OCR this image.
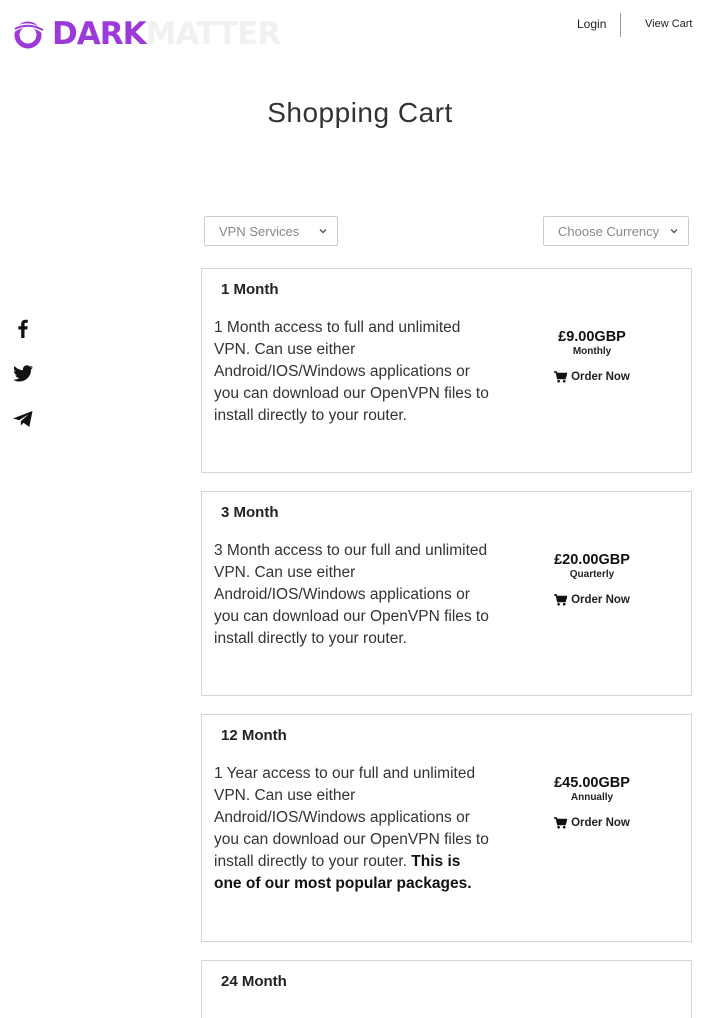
DARK MATTER	Login	View Cart
Shopping Cart
VPN Services	Choose Currency
1 Month
1 Month access to full and unlimited VPN. Can use either Android/IOS/Windows applications or you can download our OpenVPN files to install directly to your router.
£9.00GBP
Monthly
Order Now
3 Month
3 Month access to our full and unlimited VPN. Can use either Android/IOS/Windows applications or you can download our OpenVPN files to install directly to your router.
£20.00GBP
Quarterly
Order Now
12 Month
1 Year access to our full and unlimited VPN. Can use either Android/IOS/Windows applications or you can download our OpenVPN files to install directly to your router. This is one of our most popular packages.
£45.00GBP
Annually
Order Now
24 Month
